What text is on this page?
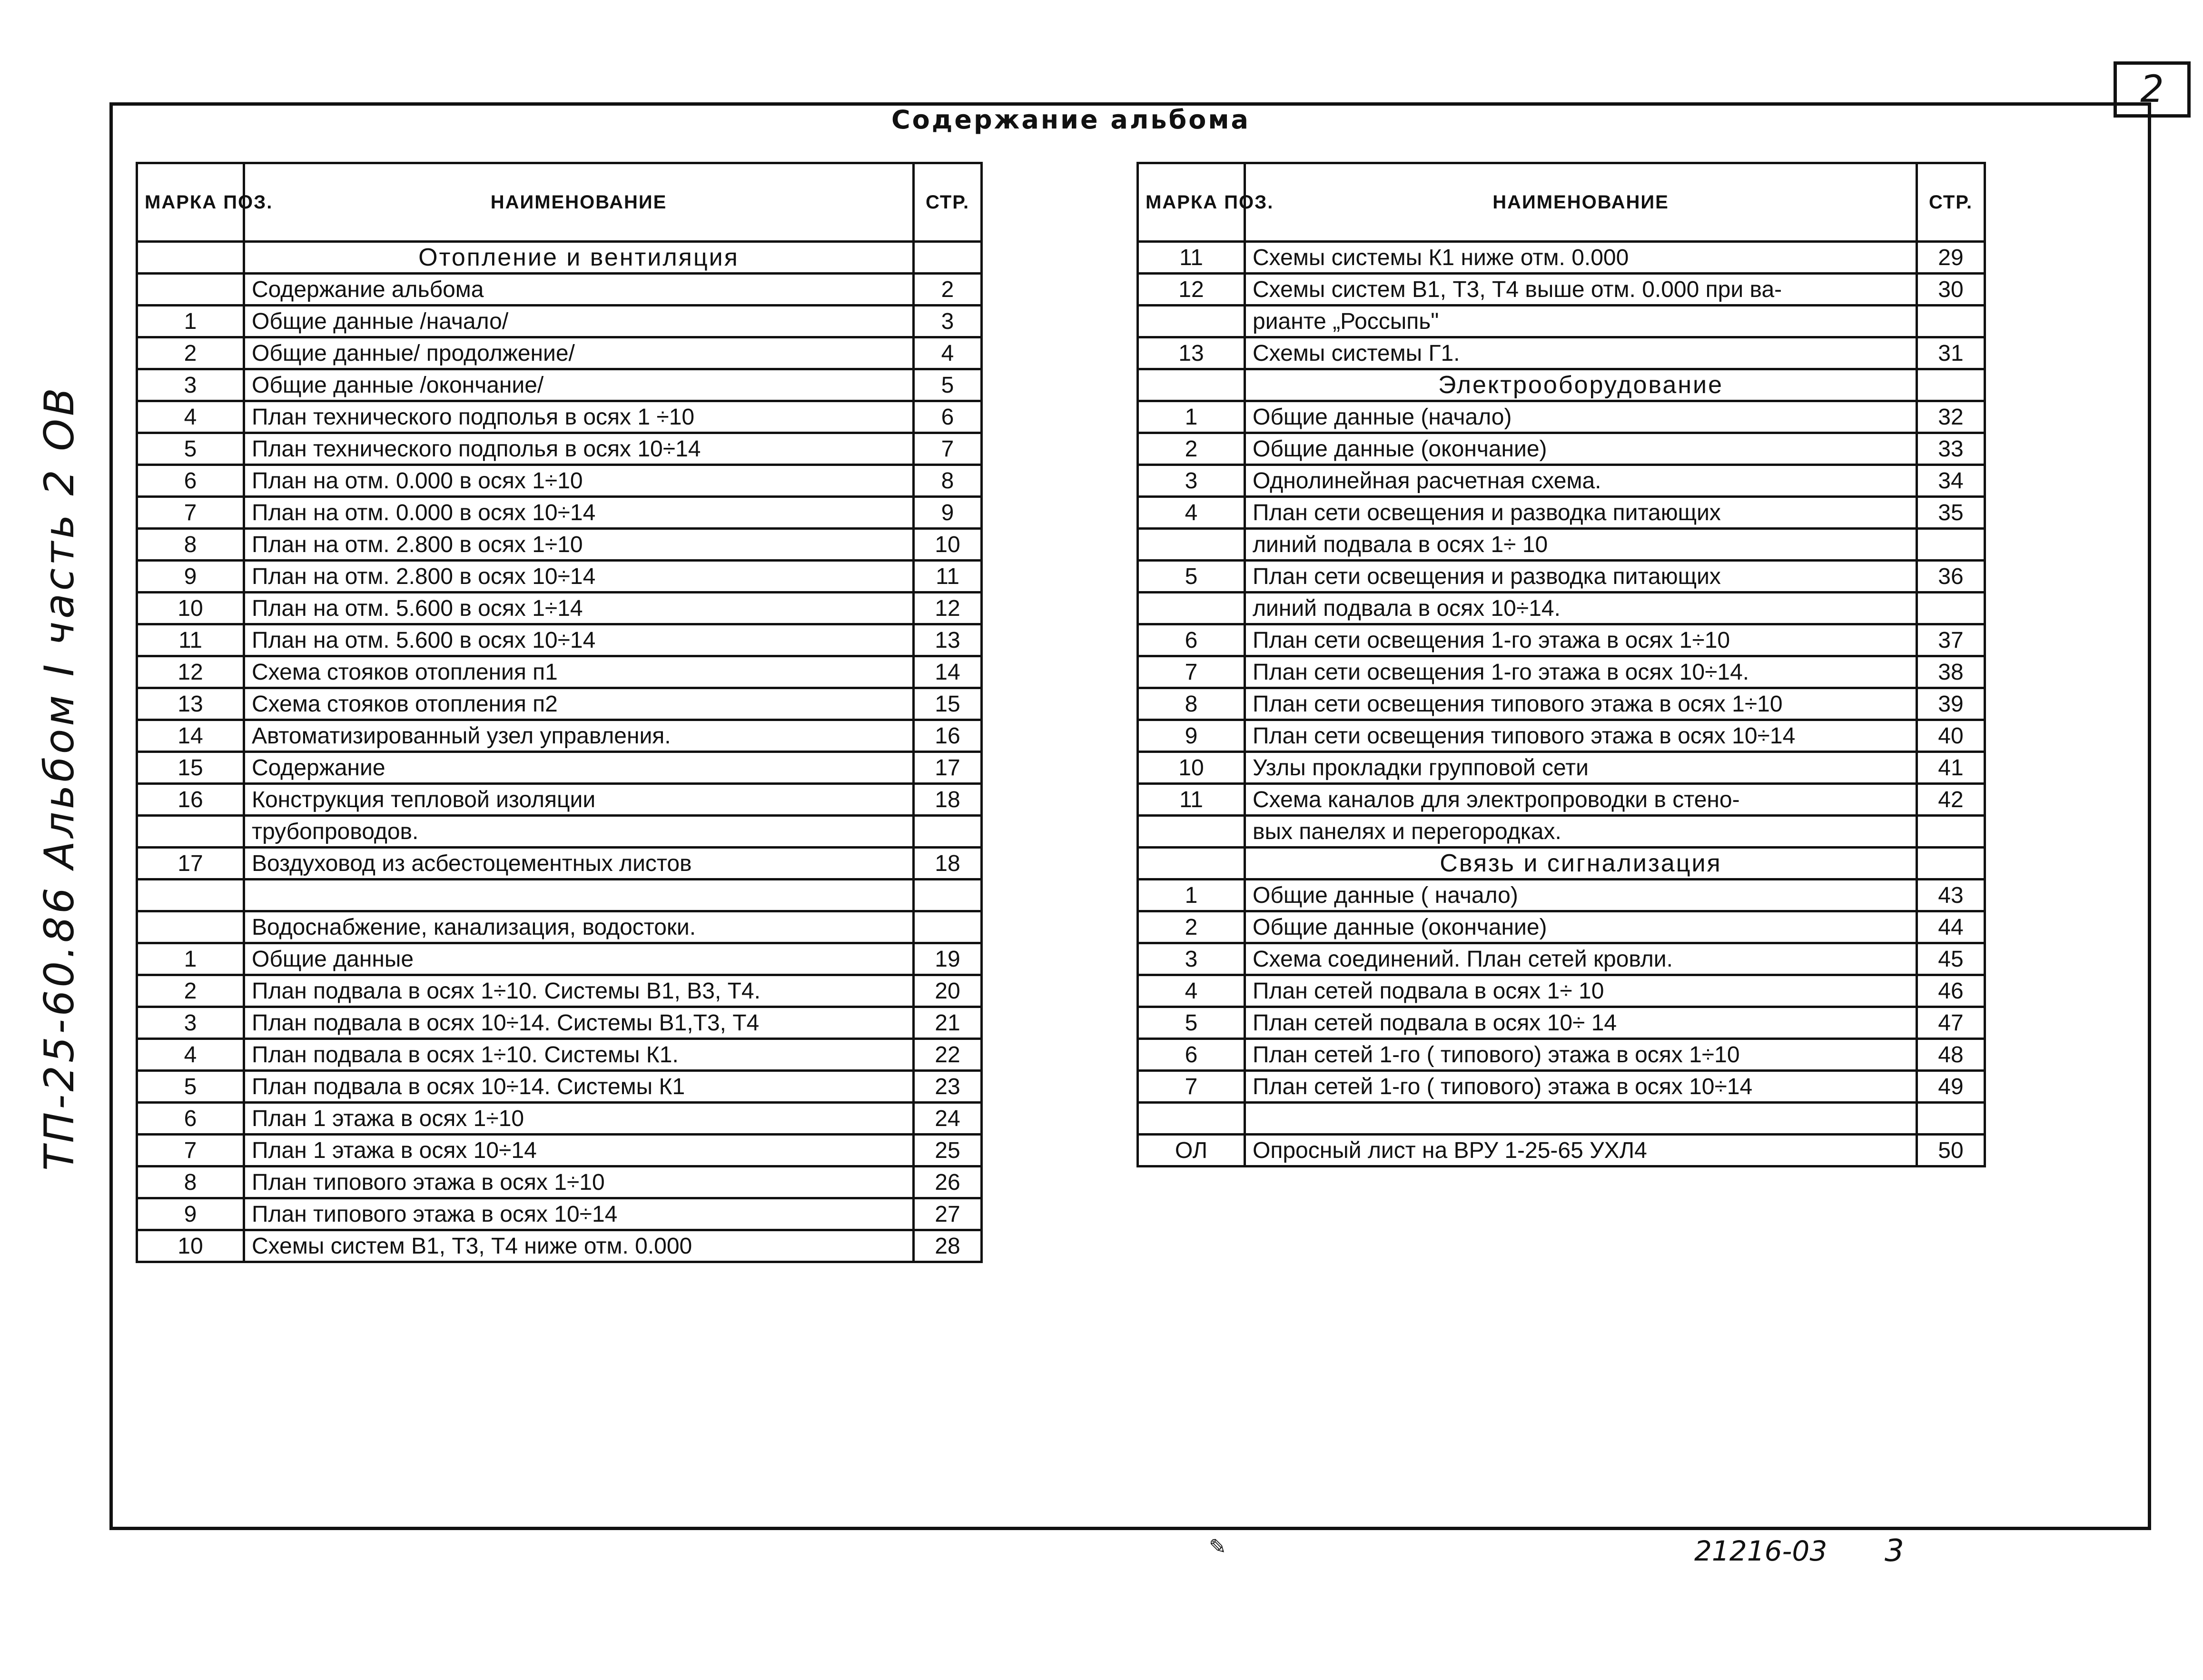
2
ТП-25-60.86 Альбом I часть 2 ОВ
Содержание альбома
МАРКА ПОЗ.	НАИМЕНОВАНИЕ	СТР.
	Отопление и вентиляция	
	Содержание альбома	2
1	Общие данные /начало/	3
2	Общие данные/ продолжение/	4
3	Общие данные /окончание/	5
4	План технического подполья в осях 1 ÷10	6
5	План технического подполья в осях 10÷14	7
6	План на отм. 0.000 в осях 1÷10	8
7	План на отм. 0.000 в осях 10÷14	9
8	План на отм. 2.800 в осях 1÷10	10
9	План на отм. 2.800 в осях 10÷14	11
10	План на отм. 5.600 в осях 1÷14	12
11	План на отм. 5.600 в осях 10÷14	13
12	Схема стояков отопления п1	14
13	Схема стояков отопления п2	15
14	Автоматизированный узел управления.	16
15	Содержание	17
16	Конструкция тепловой изоляции	18
	трубопроводов.	
17	Воздуховод из асбестоцементных листов	18

	Водоснабжение, канализация, водостоки.	
1	Общие данные	19
2	План подвала в осях 1÷10. Системы В1, В3, Т4.	20
3	План подвала в осях 10÷14. Системы В1,Т3, Т4	21
4	План подвала в осях 1÷10. Системы К1.	22
5	План подвала в осях 10÷14. Системы К1	23
6	План 1 этажа в осях 1÷10	24
7	План 1 этажа в осях 10÷14	25
8	План типового этажа в осях 1÷10	26
9	План типового этажа в осях 10÷14	27
10	Схемы систем В1, Т3, Т4 ниже отм. 0.000	28
МАРКА ПОЗ.	НАИМЕНОВАНИЕ	СТР.
11	Схемы системы К1 ниже отм. 0.000	29
12	Схемы систем В1, Т3, Т4 выше отм. 0.000 при ва-	30
	рианте „Россыпь"	
13	Схемы системы Г1.	31
	Электрооборудование	
1	Общие данные (начало)	32
2	Общие данные (окончание)	33
3	Однолинейная расчетная схема.	34
4	План сети освещения и разводка питающих	35
	линий подвала в осях 1÷ 10	
5	План сети освещения и разводка питающих	36
	линий подвала в осях 10÷14.	
6	План сети освещения 1-го этажа в осях 1÷10	37
7	План сети освещения 1-го этажа в осях 10÷14.	38
8	План сети освещения типового этажа в осях 1÷10	39
9	План сети освещения типового этажа в осях 10÷14	40
10	Узлы прокладки групповой сети	41
11	Схема каналов для электропроводки в стено-	42
	вых панелях и перегородках.	
	Связь и сигнализация	
1	Общие данные ( начало)	43
2	Общие данные (окончание)	44
3	Схема соединений. План сетей кровли.	45
4	План сетей подвала в осях 1÷ 10	46
5	План сетей подвала в осях 10÷ 14	47
6	План сетей 1-го ( типового) этажа в осях 1÷10	48
7	План сетей 1-го ( типового) этажа в осях 10÷14	49

ОЛ	Опросный лист на ВРУ 1-25-65 УХЛ4	50
✎	21216-03 3
